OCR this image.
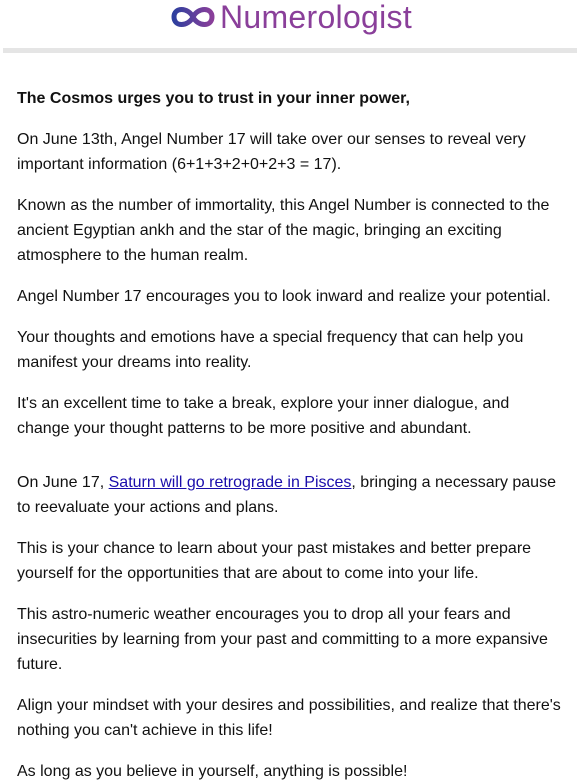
Numerologist

The Cosmos urges you to trust in your inner power,

On June 13th, Angel Number 17 will take over our senses to reveal very important information (6+1+3+2+0+2+3 = 17).

Known as the number of immortality, this Angel Number is connected to the ancient Egyptian ankh and the star of the magic, bringing an exciting atmosphere to the human realm.

Angel Number 17 encourages you to look inward and realize your potential.

Your thoughts and emotions have a special frequency that can help you manifest your dreams into reality.

It's an excellent time to take a break, explore your inner dialogue, and change your thought patterns to be more positive and abundant.

On June 17, Saturn will go retrograde in Pisces, bringing a necessary pause to reevaluate your actions and plans.

This is your chance to learn about your past mistakes and better prepare yourself for the opportunities that are about to come into your life.

This astro-numeric weather encourages you to drop all your fears and insecurities by learning from your past and committing to a more expansive future.

Align your mindset with your desires and possibilities, and realize that there's nothing you can't achieve in this life!

As long as you believe in yourself, anything is possible!
